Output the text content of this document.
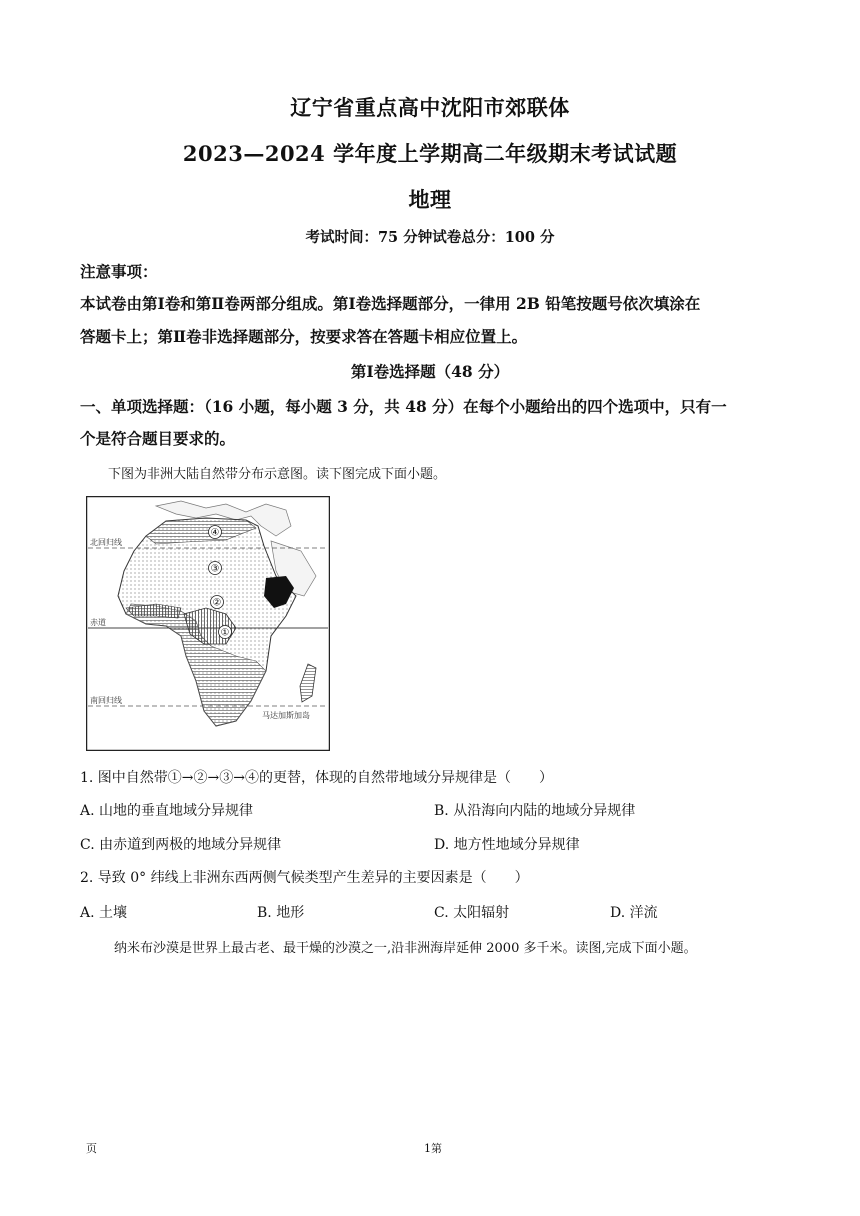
辽宁省重点高中沈阳市郊联体
2023—2024 学年度上学期高二年级期末考试试题
地理
考试时间：75 分钟试卷总分：100 分
注意事项：
本试卷由第Ⅰ卷和第Ⅱ卷两部分组成。第Ⅰ卷选择题部分，一律用 2B 铅笔按题号依次填涂在
答题卡上；第Ⅱ卷非选择题部分，按要求答在答题卡相应位置上。
第Ⅰ卷选择题（48 分）
一、单项选择题：（16 小题，每小题 3 分，共 48 分）在每个小题给出的四个选项中，只有一
个是符合题目要求的。
下图为非洲大陆自然带分布示意图。读下图完成下面小题。
北回归线
赤道
南回归线
马达加斯加岛
④
③
②
①
1. 图中自然带①→②→③→④的更替，体现的自然带地域分异规律是（　　）
A. 山地的垂直地域分异规律	B. 从沿海向内陆的地域分异规律
C. 由赤道到两极的地域分异规律	D. 地方性地域分异规律
2. 导致 0° 纬线上非洲东西两侧气候类型产生差异的主要因素是（　　）
A. 土壤	B. 地形	C. 太阳辐射	D. 洋流
纳米布沙漠是世界上最古老、最干燥的沙漠之一,沿非洲海岸延伸 2000 多千米。读图,完成下面小题。
页	1第
